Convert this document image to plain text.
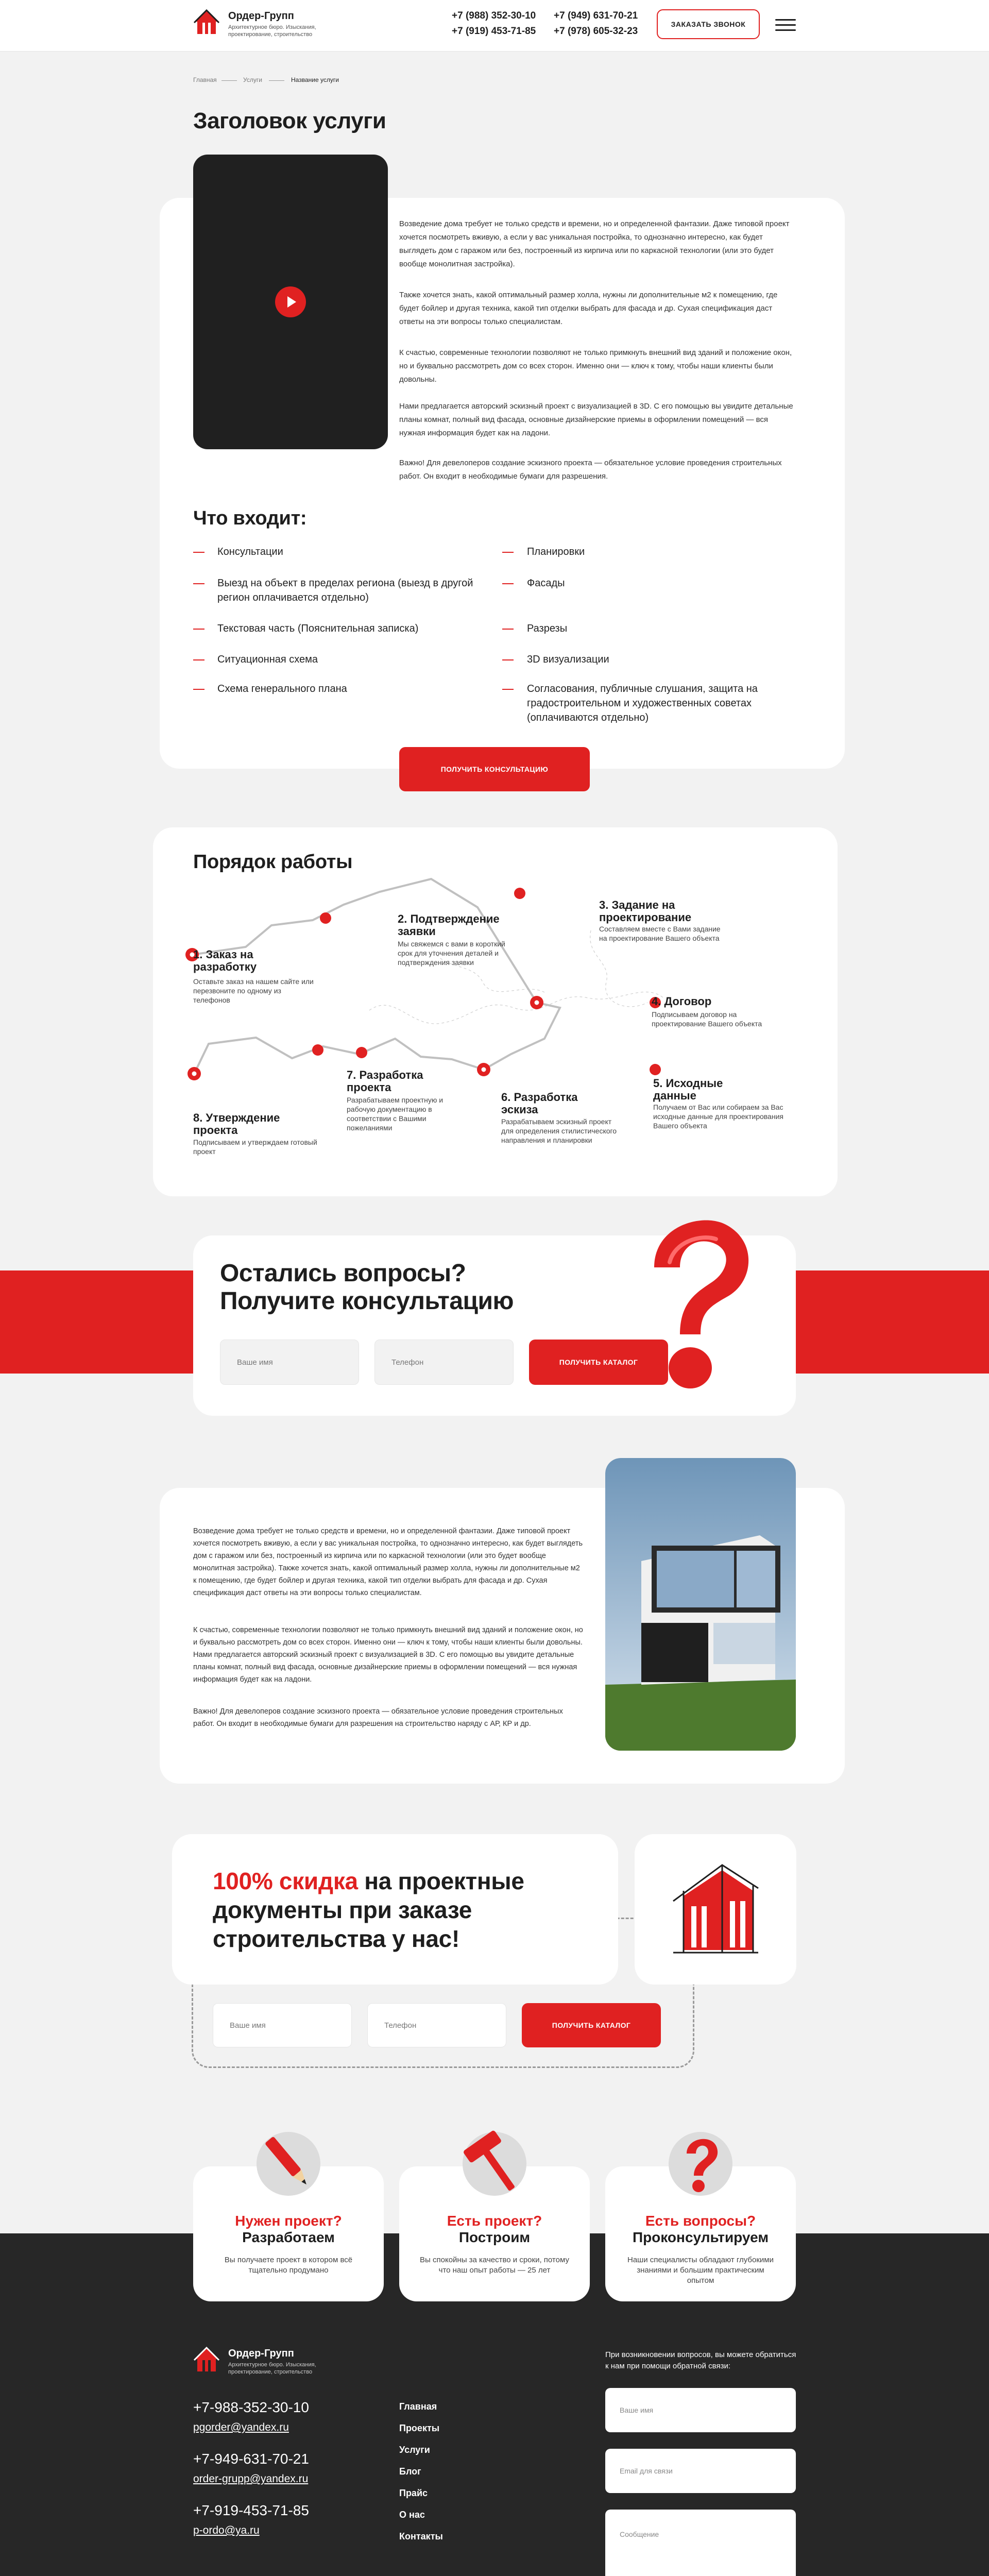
Ордер-Групп
Архитектурное бюро. Изыскания, проектирование, строительство
+7 (988) 352-30-10 +7 (949) 631-70-21
+7 (919) 453-71-85 +7 (978) 605-32-23
ЗАКАЗАТЬ ЗВОНОК
Главная	Услуги	Название услуги
Заголовок услуги
Возведение дома требует не только средств и времени, но и определенной фантазии. Даже типовой проект хочется посмотреть вживую, а если у вас уникальная постройка, то однозначно интересно, как будет выглядеть дом с гаражом или без, построенный из кирпича или по каркасной технологии (или это будет вообще монолитная застройка).
Также хочется знать, какой оптимальный размер холла, нужны ли дополнительные м2 к помещению, где будет бойлер и другая техника, какой тип отделки выбрать для фасада и др. Сухая спецификация даст ответы на эти вопросы только специалистам.
К счастью, современные технологии позволяют не только примкнуть внешний вид зданий и положение окон, но и буквально рассмотреть дом со всех сторон. Именно они — ключ к тому, чтобы наши клиенты были довольны.
Нами предлагается авторский эскизный проект с визуализацией в 3D. С его помощью вы увидите детальные планы комнат, полный вид фасада, основные дизайнерские приемы в оформлении помещений — вся нужная информация будет как на ладони.
Важно! Для девелоперов создание эскизного проекта — обязательное условие проведения строительных работ. Он входит в необходимые бумаги для разрешения.
Что входит:
Консультации
Выезд на объект в пределах региона (выезд в другой регион оплачивается отдельно)
Текстовая часть (Пояснительная записка)
Ситуационная схема
Схема генерального плана
Планировки
Фасады
Разрезы
3D визуализации
Согласования, публичные слушания, защита на градостроительном и художественных советах (оплачиваются отдельно)
ПОЛУЧИТЬ КОНСУЛЬТАЦИЮ
Порядок работы
1. Заказ на разработку
Оставьте заказ на нашем сайте или перезвоните по одному из телефонов
2. Подтверждение заявки
Мы свяжемся с вами в короткий срок для уточнения деталей и подтверждения заявки
3. Задание на проектирование
Составляем вместе с Вами задание на проектирование Вашего объекта
4. Договор
Подписываем договор на проектирование Вашего объекта
5. Исходные данные
Получаем от Вас или собираем за Вас исходные данные для проектирования Вашего объекта
6. Разработка эскиза
Разрабатываем эскизный проект для определения стилистического направления и планировки
7. Разработка проекта
Разрабатываем проектную и рабочую документацию в соответствии с Вашими пожеланиями
8. Утверждение проекта
Подписываем и утверждаем готовый проект
Остались вопросы?
Получите консультацию
Ваше имя	Телефон	ПОЛУЧИТЬ КАТАЛОГ
Возведение дома требует не только средств и времени, но и определенной фантазии. Даже типовой проект хочется посмотреть вживую, а если у вас уникальная постройка, то однозначно интересно, как будет выглядеть дом с гаражом или без, построенный из кирпича или по каркасной технологии (или это будет вообще монолитная застройка). Также хочется знать, какой оптимальный размер холла, нужны ли дополнительные м2 к помещению, где будет бойлер и другая техника, какой тип отделки выбрать для фасада и др. Сухая спецификация даст ответы на эти вопросы только специалистам.
К счастью, современные технологии позволяют не только примкнуть внешний вид зданий и положение окон, но и буквально рассмотреть дом со всех сторон. Именно они — ключ к тому, чтобы наши клиенты были довольны. Нами предлагается авторский эскизный проект с визуализацией в 3D. С его помощью вы увидите детальные планы комнат, полный вид фасада, основные дизайнерские приемы в оформлении помещений — вся нужная информация будет как на ладони.
Важно! Для девелоперов создание эскизного проекта — обязательное условие проведения строительных работ. Он входит в необходимые бумаги для разрешения на строительство наряду с АР, КР и др.
100% скидка на проектные документы при заказе строительства у нас!
Ваше имя	Телефон	ПОЛУЧИТЬ КАТАЛОГ
Ордер-Групп
Архитектурное бюро. Изыскания, проектирование, строительство
+7-988-352-30-10
pgorder@yandex.ru
+7-949-631-70-21
order-grupp@yandex.ru
+7-919-453-71-85
p-ordo@ya.ru
Главная
Проекты
Услуги
Блог
Прайс
О нас
Контакты
При возникновении вопросов, вы можете обратиться к нам при помощи обратной связи:
Ваше имя
Email для связи
Сообщение
Нужен проект?
Разработаем
Вы получаете проект в котором всё тщательно продумано
Есть проект?
Построим
Вы спокойны за качество и сроки, потому что наш опыт работы — 25 лет
Есть вопросы?
Проконсультируем
Наши специалисты обладают глубокими знаниями и большим практическим опытом
